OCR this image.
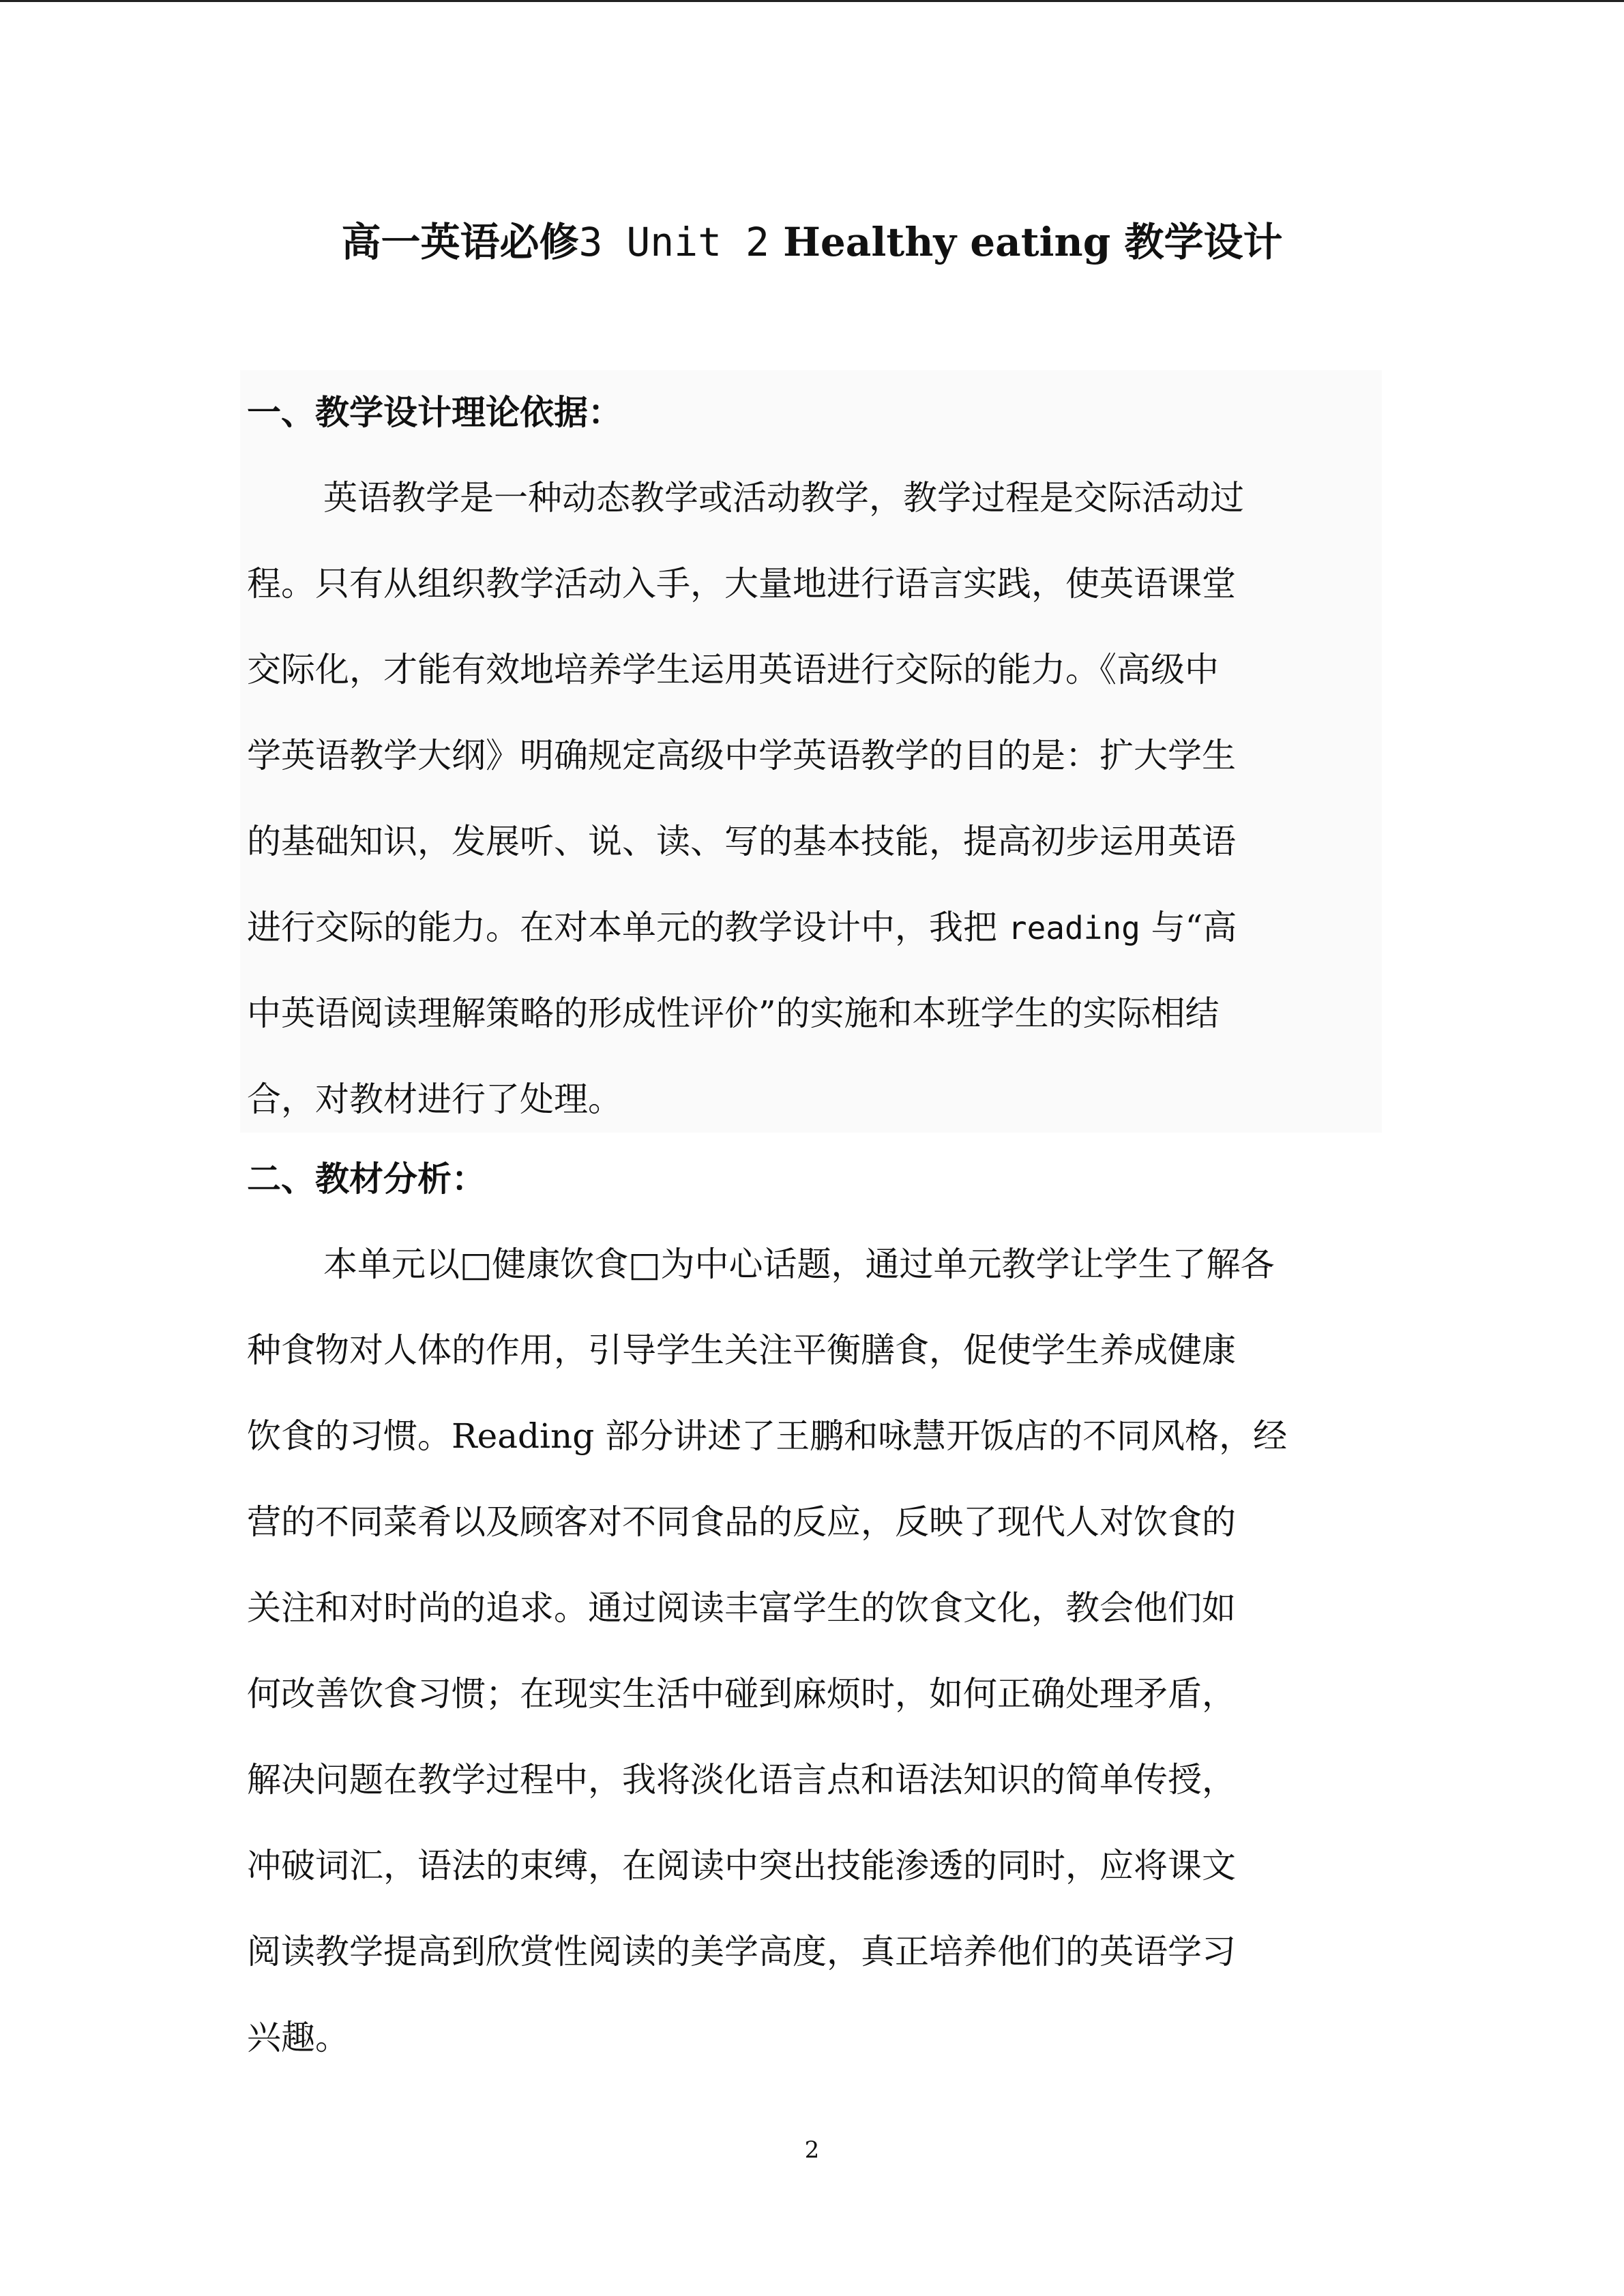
高一英语必修3 Unit 2 Healthy eating 教学设计
一、教学设计理论依据：
英语教学是一种动态教学或活动教学，教学过程是交际活动过
程。只有从组织教学活动入手，大量地进行语言实践，使英语课堂
交际化，才能有效地培养学生运用英语进行交际的能力。《高级中
学英语教学大纲》明确规定高级中学英语教学的目的是：扩大学生
的基础知识，发展听、说、读、写的基本技能，提高初步运用英语
进行交际的能力。在对本单元的教学设计中，我把 reading 与“高
中英语阅读理解策略的形成性评价”的实施和本班学生的实际相结
合，对教材进行了处理。
二、教材分析：
本单元以□健康饮食□为中心话题，通过单元教学让学生了解各
种食物对人体的作用，引导学生关注平衡膳食，促使学生养成健康
饮食的习惯。Reading 部分讲述了王鹏和咏慧开饭店的不同风格，经
营的不同菜肴以及顾客对不同食品的反应，反映了现代人对饮食的
关注和对时尚的追求。通过阅读丰富学生的饮食文化，教会他们如
何改善饮食习惯；在现实生活中碰到麻烦时，如何正确处理矛盾，
解决问题在教学过程中，我将淡化语言点和语法知识的简单传授，
冲破词汇，语法的束缚，在阅读中突出技能渗透的同时，应将课文
阅读教学提高到欣赏性阅读的美学高度，真正培养他们的英语学习
兴趣。
2
